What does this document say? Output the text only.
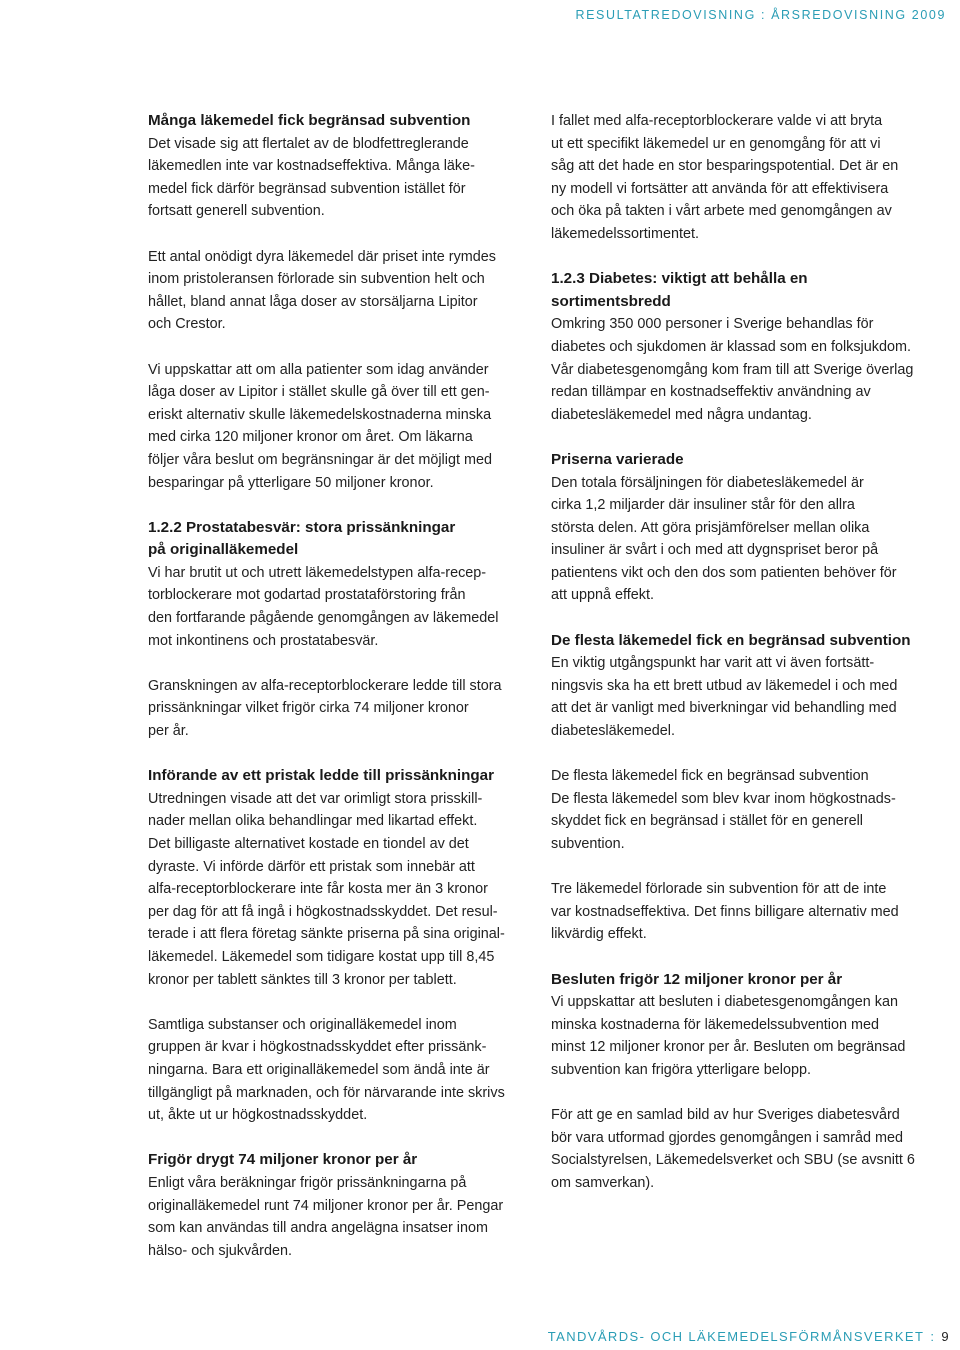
RESULTATREDOVISNING : ÅRSREDOVISNING 2009
Många läkemedel fick begränsad subvention

Det visade sig att flertalet av de blodfettreglerande
läkemedlen inte var kostnadseffektiva. Många läke-
medel fick därför begränsad subvention istället för
fortsatt generell subvention.

Ett antal onödigt dyra läkemedel där priset inte rymdes
inom pristoleransen förlorade sin subvention helt och
hållet, bland annat låga doser av storsäljarna Lipitor
och Crestor.

Vi uppskattar att om alla patienter som idag använder
låga doser av Lipitor i stället skulle gå över till ett gen-
eriskt alternativ skulle läkemedelskostnaderna minska
med cirka 120 miljoner kronor om året. Om läkarna
följer våra beslut om begränsningar är det möjligt med
besparingar på ytterligare 50 miljoner kronor.

1.2.2 Prostatabesvär: stora prissänkningar
på originalläkemedel

Vi har brutit ut och utrett läkemedelstypen alfa-recep-
torblockerare mot godartad prostataförstoring från
den fortfarande pågående genomgången av läkemedel
mot inkontinens och prostatabesvär.

Granskningen av alfa-receptorblockerare ledde till stora
prissänkningar vilket frigör cirka 74 miljoner kronor
per år.

Införande av ett pristak ledde till prissänkningar

Utredningen visade att det var orimligt stora prisskill-
nader mellan olika behandlingar med likartad effekt.
Det billigaste alternativet kostade en tiondel av det
dyraste. Vi införde därför ett pristak som innebär att
alfa-receptorblockerare inte får kosta mer än 3 kronor
per dag för att få ingå i högkostnadsskyddet. Det resul-
terade i att flera företag sänkte priserna på sina original-
läkemedel. Läkemedel som tidigare kostat upp till 8,45
kronor per tablett sänktes till 3 kronor per tablett.

Samtliga substanser och originalläkemedel inom
gruppen är kvar i högkostnadsskyddet efter prissänk-
ningarna. Bara ett originalläkemedel som ändå inte är
tillgängligt på marknaden, och för närvarande inte skrivs
ut, åkte ut ur högkostnadsskyddet.

Frigör drygt 74 miljoner kronor per år

Enligt våra beräkningar frigör prissänkningarna på
originalläkemedel runt 74 miljoner kronor per år. Pengar
som kan användas till andra angelägna insatser inom
hälso- och sjukvården.

I fallet med alfa-receptorblockerare valde vi att bryta
ut ett specifikt läkemedel ur en genomgång för att vi
såg att det hade en stor besparingspotential. Det är en
ny modell vi fortsätter att använda för att effektivisera
och öka på takten i vårt arbete med genomgången av
läkemedelssortimentet.

1.2.3 Diabetes: viktigt att behålla en
sortimentsbredd

Omkring 350 000 personer i Sverige behandlas för
diabetes och sjukdomen är klassad som en folksjukdom.
Vår diabetesgenomgång kom fram till att Sverige överlag
redan tillämpar en kostnadseffektiv användning av
diabetesläkemedel med några undantag.

Priserna varierade

Den totala försäljningen för diabetesläkemedel är
cirka 1,2 miljarder där insuliner står för den allra
största delen. Att göra prisjämförelser mellan olika
insuliner är svårt i och med att dygnspriset beror på
patientens vikt och den dos som patienten behöver för
att uppnå effekt.

De flesta läkemedel fick en begränsad subvention

En viktig utgångspunkt har varit att vi även fortsätt-
ningsvis ska ha ett brett utbud av läkemedel i och med
att det är vanligt med biverkningar vid behandling med
diabetesläkemedel.

De flesta läkemedel fick en begränsad subvention
De flesta läkemedel som blev kvar inom högkostnads-
skyddet fick en begränsad i stället för en generell
subvention.

Tre läkemedel förlorade sin subvention för att de inte
var kostnadseffektiva. Det finns billigare alternativ med
likvärdig effekt.

Besluten frigör 12 miljoner kronor per år

Vi uppskattar att besluten i diabetesgenomgången kan
minska kostnaderna för läkemedelssubvention med
minst 12 miljoner kronor per år. Besluten om begränsad
subvention kan frigöra ytterligare belopp.

För att ge en samlad bild av hur Sveriges diabetesvård
bör vara utformad gjordes genomgången i samråd med
Socialstyrelsen, Läkemedelsverket och SBU (se avsnitt 6
om samverkan).

TANDVÅRDS- OCH LÄKEMEDELSFÖRMÅNSVERKET : 9
